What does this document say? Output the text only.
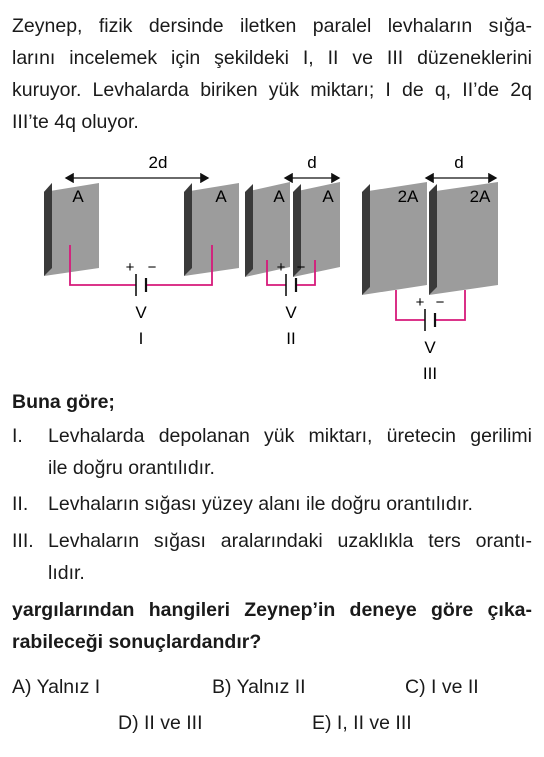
Zeynep, fizik dersinde iletken paralel levhaların sığa-
larını incelemek için şekildeki I, II ve III düzeneklerini
kuruyor. Levhalarda biriken yük miktarı; I de q, II’de 2q
III’te 4q oluyor.
2d
A	A
+ −
V
I
d
A A
+ −
V
II
d
2A	2A
+ −
V
III
Buna göre;
I. Levhalarda depolanan yük miktarı, üretecin gerilimi
ile doğru orantılıdır.
II. Levhaların sığası yüzey alanı ile doğru orantılıdır.
III. Levhaların sığası aralarındaki uzaklıkla ters orantı-
lıdır.
yargılarından hangileri Zeynep’in deneye göre çıka-
rabileceği sonuçlardandır?
A) Yalnız I	B) Yalnız II	C) I ve II
D) II ve III	E) I, II ve III
